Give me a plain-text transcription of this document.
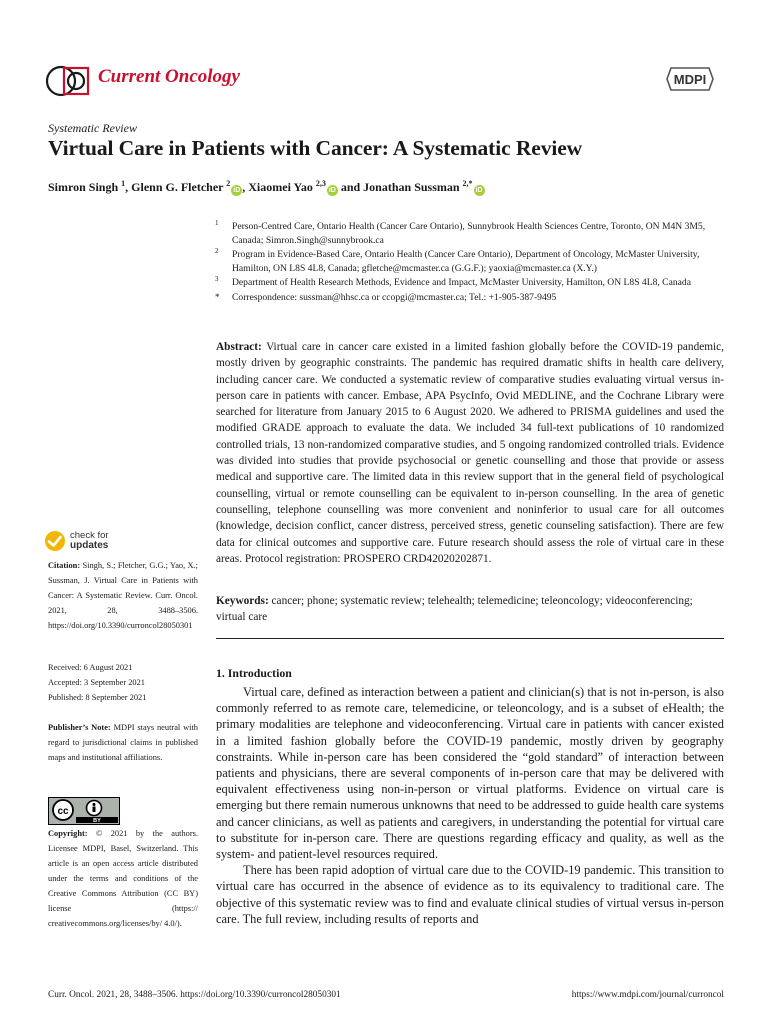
Current Oncology	MDPI
Systematic Review
Virtual Care in Patients with Cancer: A Systematic Review
Simron Singh $^1$, Glenn G. Fletcher $^2$iD , Xiaomei Yao $^{2,3}$iD and Jonathan Sussman $^{2,*}$iD
1 Person-Centred Care, Ontario Health (Cancer Care Ontario), Sunnybrook Health Sciences Centre, Toronto, ON M4N 3M5, Canada; Simron.Singh@sunnybrook.ca
2 Program in Evidence-Based Care, Ontario Health (Cancer Care Ontario), Department of Oncology, McMaster University, Hamilton, ON L8S 4L8, Canada; gfletche@mcmaster.ca (G.G.F.); yaoxia@mcmaster.ca (X.Y.)
3 Department of Health Research Methods, Evidence and Impact, McMaster University, Hamilton, ON L8S 4L8, Canada
* Correspondence: sussman@hhsc.ca or ccopgi@mcmaster.ca; Tel.: +1-905-387-9495
Abstract: Virtual care in cancer care existed in a limited fashion globally before the COVID-19 pandemic, mostly driven by geographic constraints. The pandemic has required dramatic shifts in health care delivery, including cancer care. We conducted a systematic review of comparative studies evaluating virtual versus in-person care in patients with cancer. Embase, APA PsycInfo, Ovid MEDLINE, and the Cochrane Library were searched for literature from January 2015 to 6 August 2020. We adhered to PRISMA guidelines and used the modified GRADE approach to evaluate the data. We included 34 full-text publications of 10 randomized controlled trials, 13 non-randomized comparative studies, and 5 ongoing randomized controlled trials. Evidence was divided into studies that provide psychosocial or genetic counselling and those that provide or assess medical and supportive care. The limited data in this review support that in the general field of psychological counselling, virtual or remote counselling can be equivalent to in-person counselling. In the area of genetic counselling, telephone counselling was more convenient and noninferior to usual care for all outcomes (knowledge, decision conflict, cancer distress, perceived stress, genetic counseling satisfaction). There are few data for clinical outcomes and supportive care. Future research should assess the role of virtual care in these areas. Protocol registration: PROSPERO CRD42020202871.
Keywords: cancer; phone; systematic review; telehealth; telemedicine; teleoncology; videoconferencing; virtual care
1. Introduction

Virtual care, defined as interaction between a patient and clinician(s) that is not in-person, is also commonly referred to as remote care, telemedicine, or teleoncology, and is a subset of eHealth; the primary modalities are telephone and videoconferencing. Virtual care in patients with cancer existed in a limited fashion globally before the COVID-19 pandemic, mostly driven by geography constraints. While in-person care has been considered the “gold standard” of interaction between patients and physicians, there are several components of in-person care that may be delivered with equivalent effectiveness using non-in-person or virtual platforms. Evidence on virtual care is emerging but there remain numerous unknowns that need to be addressed to guide health care systems and cancer clinicians, as well as patients and caregivers, in understanding the potential for virtual care to substitute for in-person care. There are questions regarding efficacy and quality, as well as the system- and patient-level resources required.

There has been rapid adoption of virtual care due to the COVID-19 pandemic. This transition to virtual care has occurred in the absence of evidence as to its equivalency to traditional care. The objective of this systematic review was to find and evaluate clinical studies of virtual versus in-person care. The full review, including results of reports and

check for
updates
Citation: Singh, S.; Fletcher, G.G.; Yao, X.; Sussman, J. Virtual Care in Patients with Cancer: A Systematic Review. Curr. Oncol. 2021, 28, 3488–3506. https://doi.org/10.3390/curroncol28050301
Received: 6 August 2021
Accepted: 3 September 2021
Published: 8 September 2021
Publisher’s Note: MDPI stays neutral with regard to jurisdictional claims in published maps and institutional affiliations.
cc
BY
Copyright: © 2021 by the authors. Licensee MDPI, Basel, Switzerland. This article is an open access article distributed under the terms and conditions of the Creative Commons Attribution (CC BY) license (https:// creativecommons.org/licenses/by/ 4.0/).
Curr. Oncol. 2021, 28, 3488–3506. https://doi.org/10.3390/curroncol28050301	https://www.mdpi.com/journal/curroncol
